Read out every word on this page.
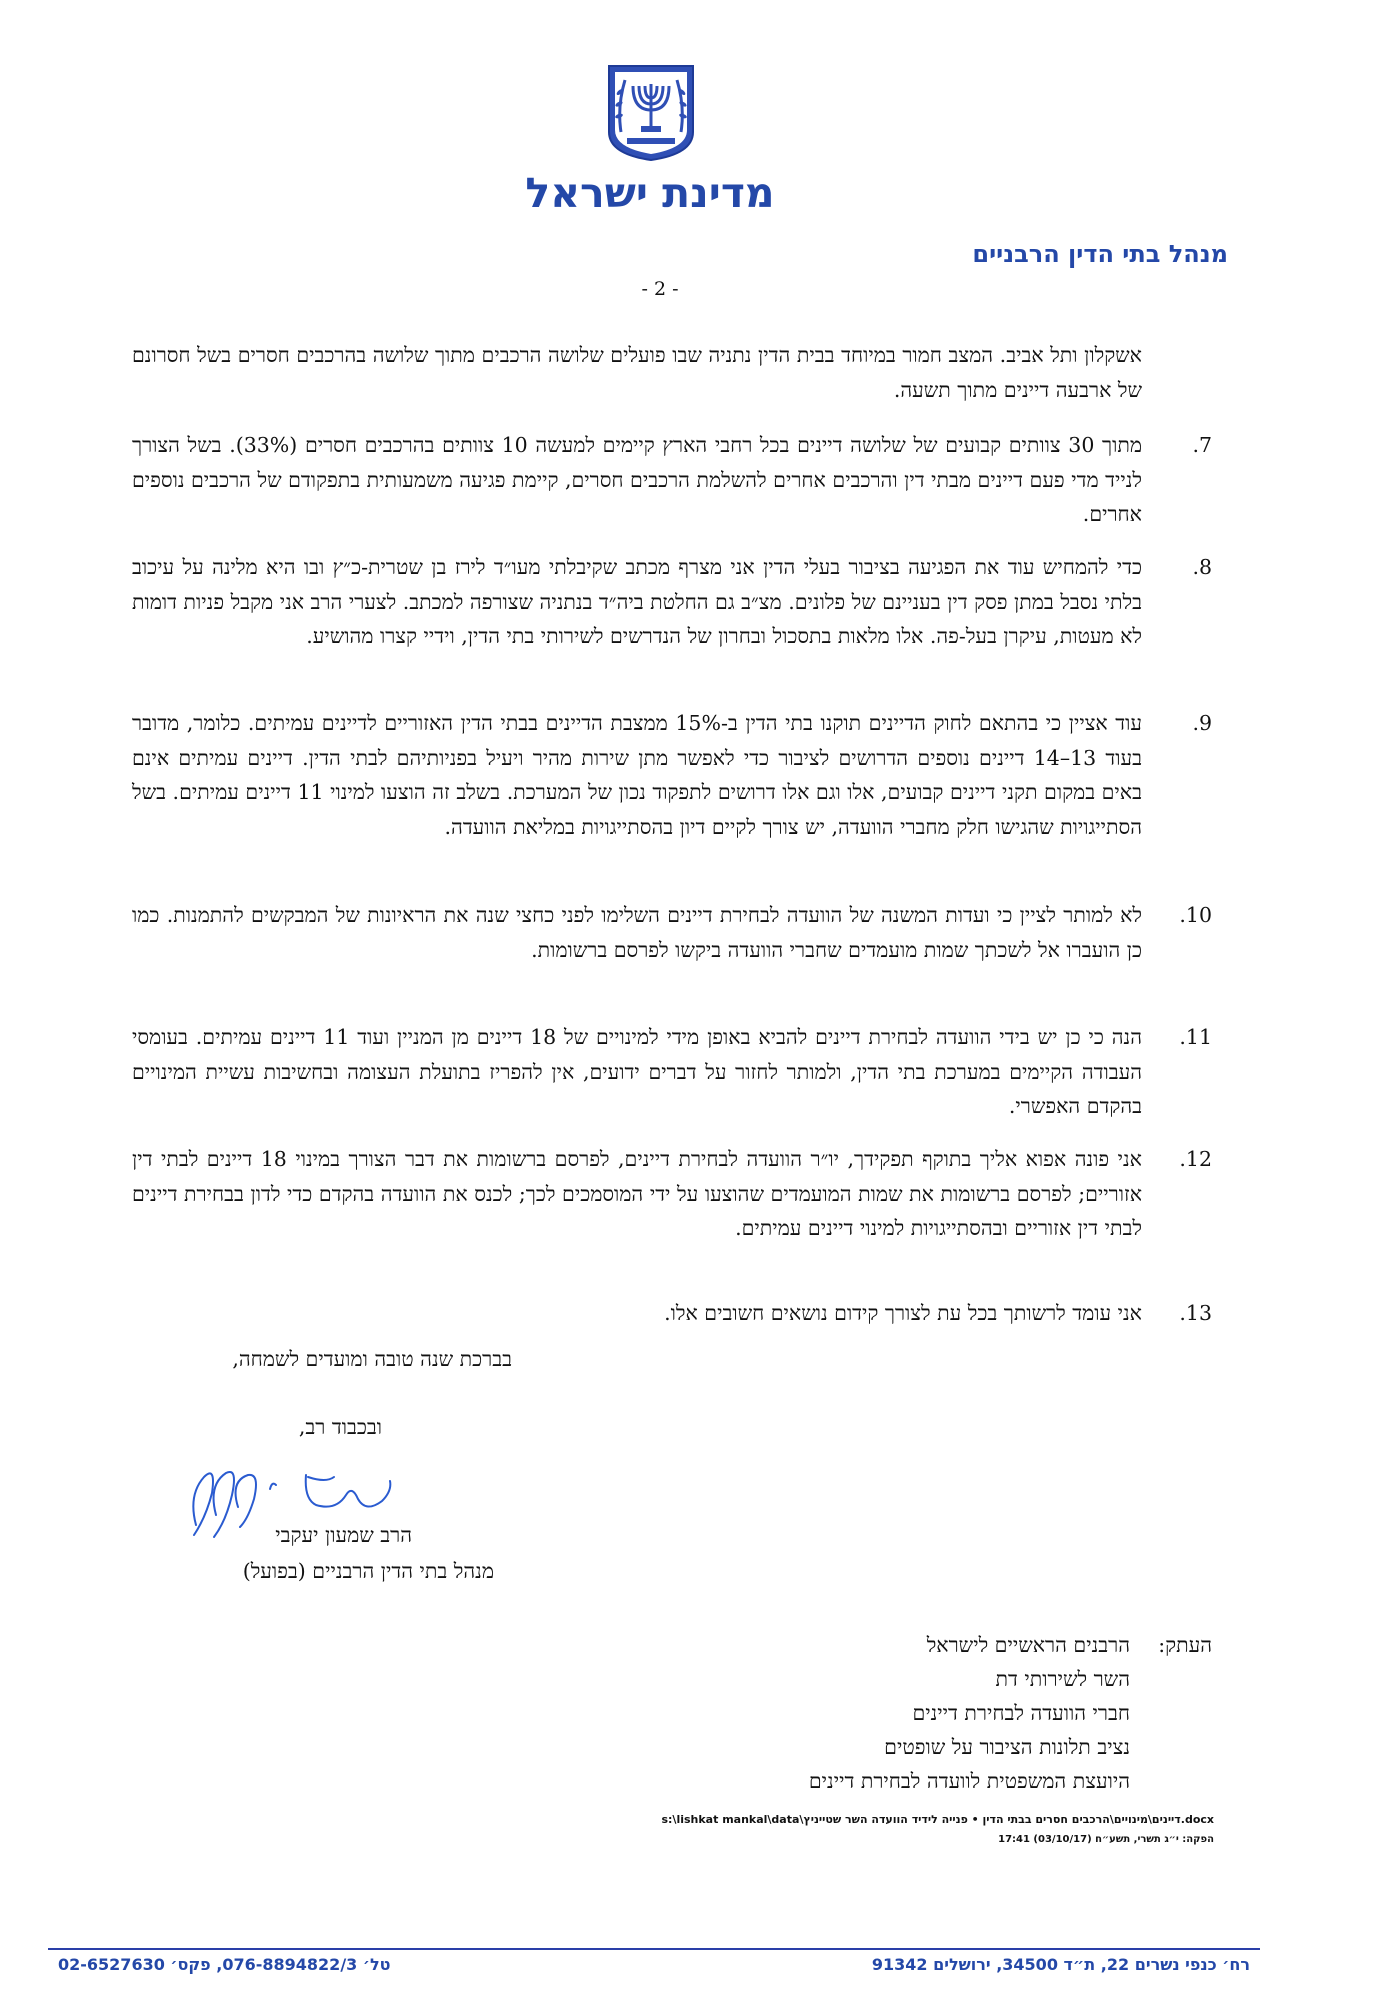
מדינת ישראל
מנהל בתי הדין הרבניים
- 2 -
אשקלון ותל אביב. המצב חמור במיוחד בבית הדין נתניה שבו פועלים שלושה הרכבים מתוך שלושה בהרכבים חסרים בשל חסרונם של ארבעה דיינים מתוך תשעה.
.7
מתוך 30 צוותים קבועים של שלושה דיינים בכל רחבי הארץ קיימים למעשה 10 צוותים בהרכבים חסרים (33%). בשל הצורך לנייד מדי פעם דיינים מבתי דין והרכבים אחרים להשלמת הרכבים חסרים, קיימת פגיעה משמעותית בתפקודם של הרכבים נוספים אחרים.
.8
כדי להמחיש עוד את הפגיעה בציבור בעלי הדין אני מצרף מכתב שקיבלתי מעו״ד לירז בן שטרית-כ״ץ ובו היא מלינה על עיכוב בלתי נסבל במתן פסק דין בעניינם של פלונים. מצ״ב גם החלטת ביה״ד בנתניה שצורפה למכתב. לצערי הרב אני מקבל פניות דומות לא מעטות, עיקרן בעל-פה. אלו מלאות בתסכול ובחרון של הנדרשים לשירותי בתי הדין, וידיי קצרו מהושיע.
.9
עוד אציין כי בהתאם לחוק הדיינים תוקנו בתי הדין ב-15% ממצבת הדיינים בבתי הדין האזוריים לדיינים עמיתים. כלומר, מדובר בעוד 13–14 דיינים נוספים הדרושים לציבור כדי לאפשר מתן שירות מהיר ויעיל בפניותיהם לבתי הדין. דיינים עמיתים אינם באים במקום תקני דיינים קבועים, אלו וגם אלו דרושים לתפקוד נכון של המערכת. בשלב זה הוצעו למינוי 11 דיינים עמיתים. בשל הסתייגויות שהגישו חלק מחברי הוועדה, יש צורך לקיים דיון בהסתייגויות במליאת הוועדה.
.10
לא למותר לציין כי ועדות המשנה של הוועדה לבחירת דיינים השלימו לפני כחצי שנה את הראיונות של המבקשים להתמנות. כמו כן הועברו אל לשכתך שמות מועמדים שחברי הוועדה ביקשו לפרסם ברשומות.
.11
הנה כי כן יש בידי הוועדה לבחירת דיינים להביא באופן מידי למינויים של 18 דיינים מן המניין ועוד 11 דיינים עמיתים. בעומסי העבודה הקיימים במערכת בתי הדין, ולמותר לחזור על דברים ידועים, אין להפריז בתועלת העצומה ובחשיבות עשיית המינויים בהקדם האפשרי.
.12
אני פונה אפוא אליך בתוקף תפקידך, יו״ר הוועדה לבחירת דיינים, לפרסם ברשומות את דבר הצורך במינוי 18 דיינים לבתי דין אזוריים; לפרסם ברשומות את שמות המועמדים שהוצעו על ידי המוסמכים לכך; לכנס את הוועדה בהקדם כדי לדון בבחירת דיינים לבתי דין אזוריים ובהסתייגויות למינוי דיינים עמיתים.
.13
אני עומד לרשותך בכל עת לצורך קידום נושאים חשובים אלו.
בברכת שנה טובה ומועדים לשמחה,
ובכבוד רב,
הרב שמעון יעקבי
מנהל בתי הדין הרבניים (בפועל)
העתק:
הרבנים הראשיים לישראל
השר לשירותי דת
חברי הוועדה לבחירת דיינים
נציב תלונות הציבור על שופטים
היועצת המשפטית לוועדה לבחירת דיינים
s:\lishkat mankal\data\דיינים\מינויים\הרכבים חסרים בבתי הדין • פנייה לידיד הוועדה השר שטייניץ.docx
הפקה: י״ג תשרי, תשע״ח (03/10/17) 17:41
רח׳ כנפי נשרים 22, ת״ד 34500, ירושלים 91342
טל׳ 076-8894822/3, פקס׳ 02-6527630
